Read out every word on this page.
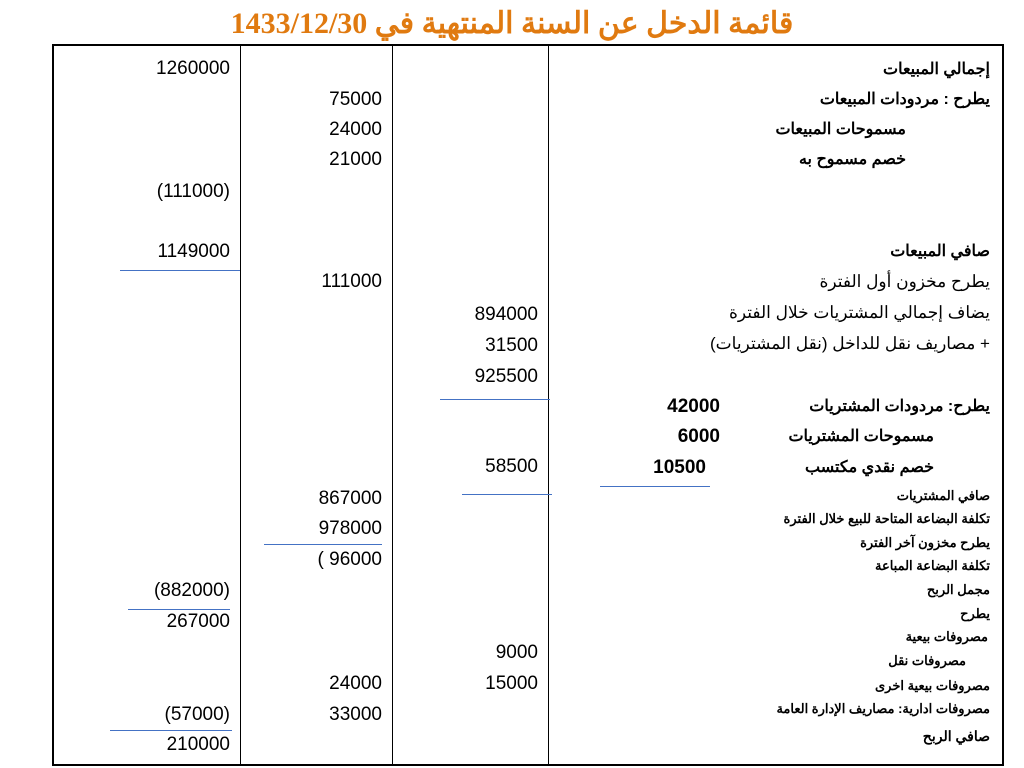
قائمة الدخل عن السنة المنتهية في 1433/12/30
إجمالي المبيعات
يطرح : مردودات المبيعات
مسموحات المبيعات
خصم مسموح به
صافي المبيعات
يطرح مخزون أول الفترة
يضاف إجمالي المشتريات خلال الفترة
+ مصاريف نقل للداخل (نقل المشتريات)
يطرح: مردودات المشتريات
مسموحات المشتريات
خصم نقدي مكتسب
صافي المشتريات
تكلفة البضاعة المتاحة للبيع خلال الفترة
يطرح مخزون آخر الفترة
تكلفة البضاعة المباعة
مجمل الربح
يطرح
مصروفات بيعية
مصروفات نقل
مصروفات بيعية اخرى
مصروفات ادارية: مصاريف الإدارة العامة
صافي الربح
42000
6000
10500
894000
31500
925500
58500
9000
15000
75000
24000
21000
111000
867000
978000
( 96000
24000
33000
1260000
(111000)
1149000
(882000)
267000
(57000)
210000
